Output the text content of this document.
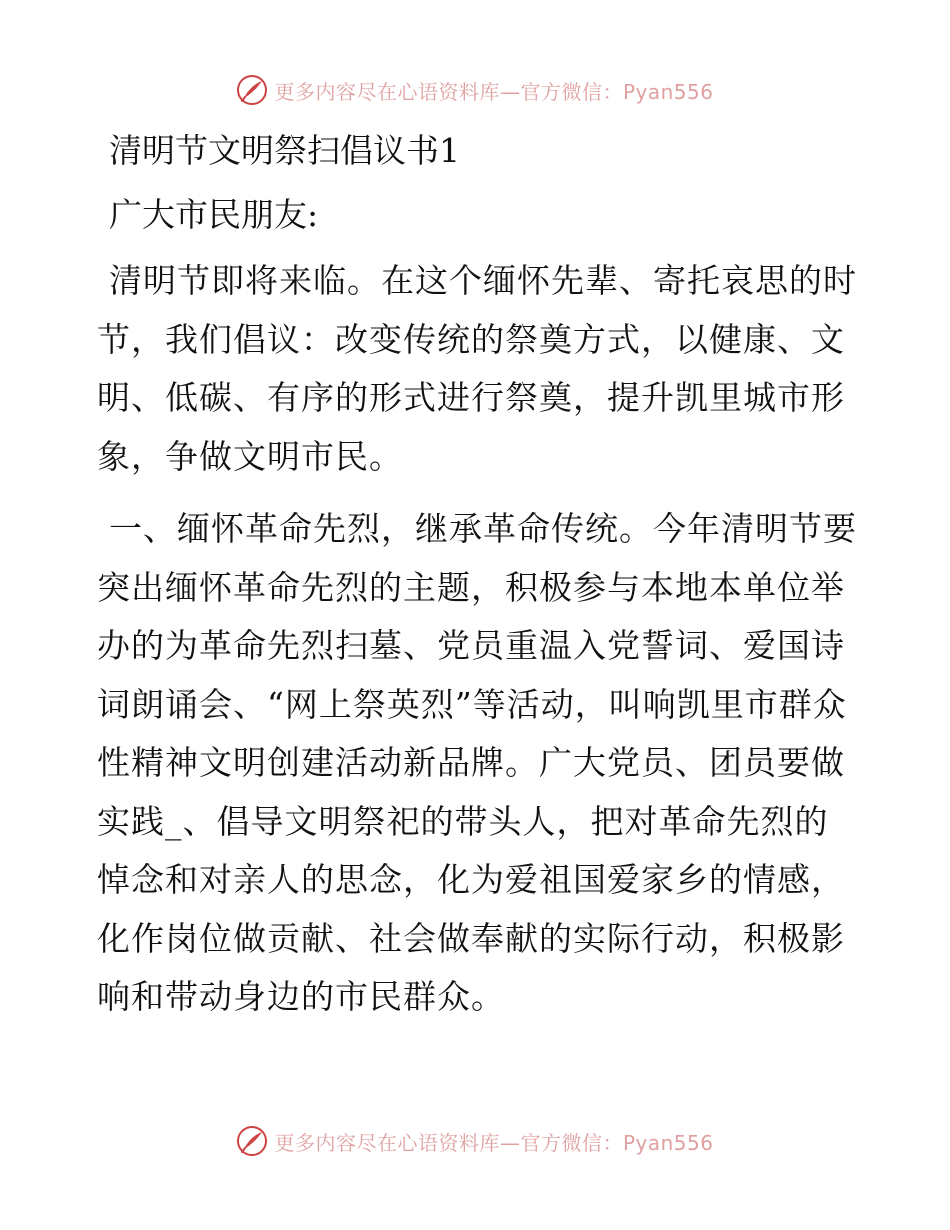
更多内容尽在心语资料库—官方微信：Pyan556

清明节文明祭扫倡议书1

广大市民朋友:

清明节即将来临。在这个缅怀先辈、寄托哀思的时节，我们倡议：改变传统的祭奠方式，以健康、文明、低碳、有序的形式进行祭奠，提升凯里城市形象，争做文明市民。

一、缅怀革命先烈，继承革命传统。今年清明节要突出缅怀革命先烈的主题，积极参与本地本单位举办的为革命先烈扫墓、党员重温入党誓词、爱国诗词朗诵会、“网上祭英烈”等活动，叫响凯里市群众性精神文明创建活动新品牌。广大党员、团员要做实践_、倡导文明祭祀的带头人，把对革命先烈的悼念和对亲人的思念，化为爱祖国爱家乡的情感，化作岗位做贡献、社会做奉献的实际行动，积极影响和带动身边的市民群众。

更多内容尽在心语资料库—官方微信：Pyan556
